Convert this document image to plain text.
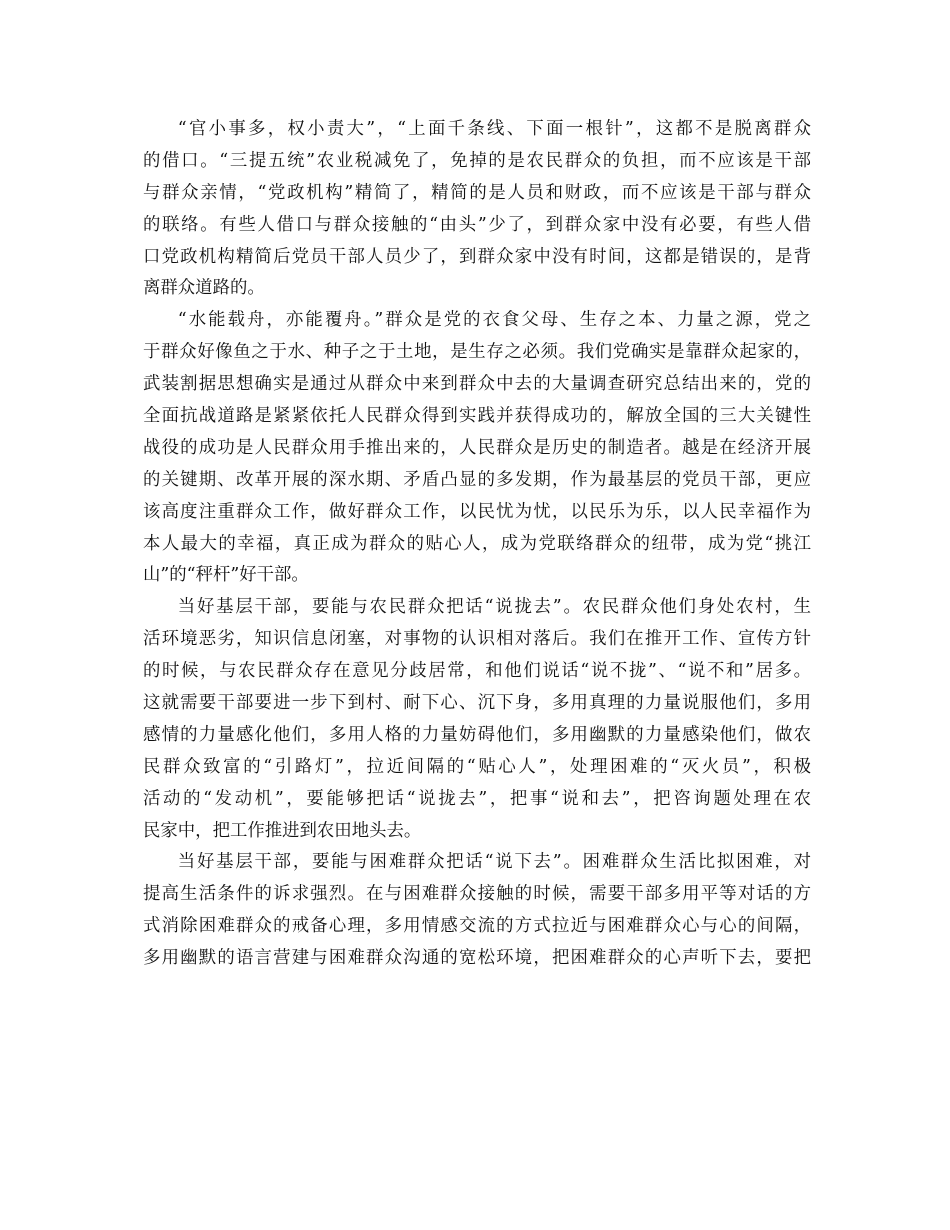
“官小事多，权小责大”，“上面千条线、下面一根针”，这都不是脱离群众
的借口。“三提五统”农业税减免了，免掉的是农民群众的负担，而不应该是干部
与群众亲情，“党政机构”精简了，精简的是人员和财政，而不应该是干部与群众
的联络。有些人借口与群众接触的“由头”少了，到群众家中没有必要，有些人借
口党政机构精简后党员干部人员少了，到群众家中没有时间，这都是错误的，是背
离群众道路的。
“水能载舟，亦能覆舟。”群众是党的衣食父母、生存之本、力量之源，党之
于群众好像鱼之于水、种子之于土地，是生存之必须。我们党确实是靠群众起家的，
武装割据思想确实是通过从群众中来到群众中去的大量调查研究总结出来的，党的
全面抗战道路是紧紧依托人民群众得到实践并获得成功的，解放全国的三大关键性
战役的成功是人民群众用手推出来的，人民群众是历史的制造者。越是在经济开展
的关键期、改革开展的深水期、矛盾凸显的多发期，作为最基层的党员干部，更应
该高度注重群众工作，做好群众工作，以民忧为忧，以民乐为乐，以人民幸福作为
本人最大的幸福，真正成为群众的贴心人，成为党联络群众的纽带，成为党“挑江
山”的“秤杆”好干部。
当好基层干部，要能与农民群众把话“说拢去”。农民群众他们身处农村，生
活环境恶劣，知识信息闭塞，对事物的认识相对落后。我们在推开工作、宣传方针
的时候，与农民群众存在意见分歧居常，和他们说话“说不拢”、“说不和”居多。
这就需要干部要进一步下到村、耐下心、沉下身，多用真理的力量说服他们，多用
感情的力量感化他们，多用人格的力量妨碍他们，多用幽默的力量感染他们，做农
民群众致富的“引路灯”，拉近间隔的“贴心人”，处理困难的“灭火员”，积极
活动的“发动机”，要能够把话“说拢去”，把事“说和去”，把咨询题处理在农
民家中，把工作推进到农田地头去。
当好基层干部，要能与困难群众把话“说下去”。困难群众生活比拟困难，对
提高生活条件的诉求强烈。在与困难群众接触的时候，需要干部多用平等对话的方
式消除困难群众的戒备心理，多用情感交流的方式拉近与困难群众心与心的间隔，
多用幽默的语言营建与困难群众沟通的宽松环境，把困难群众的心声听下去，要把
